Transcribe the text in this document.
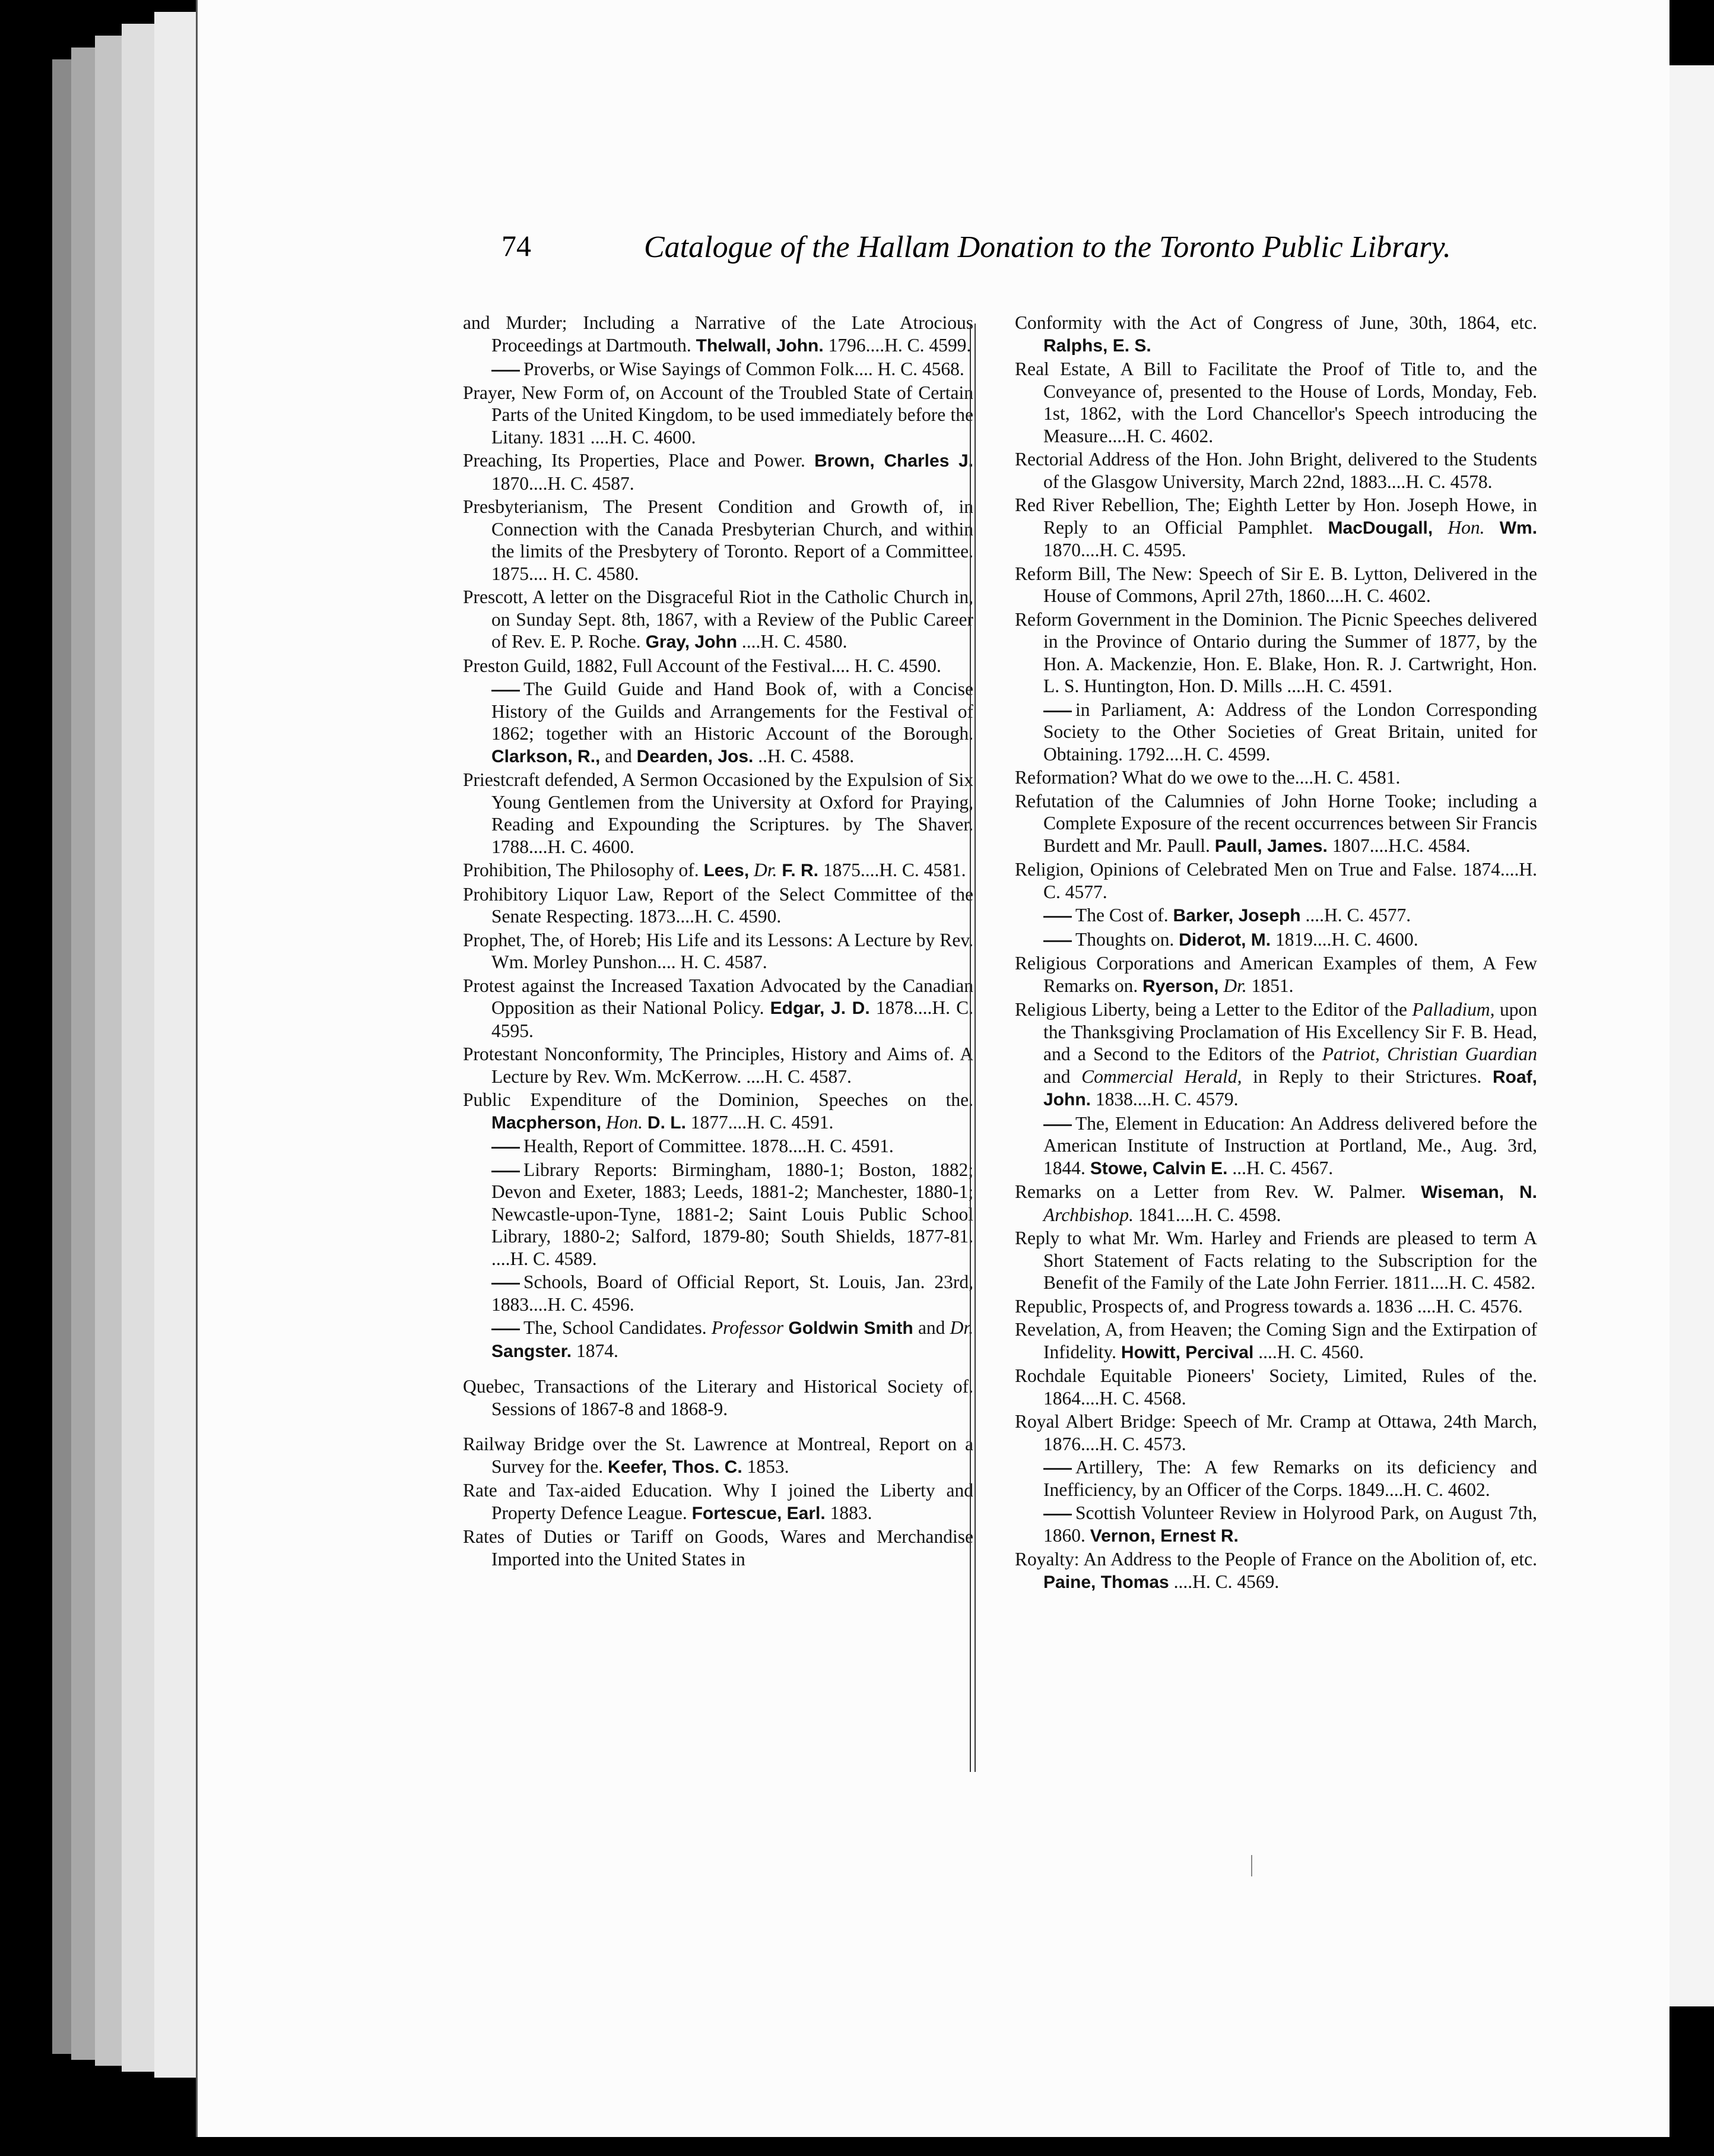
74	Catalogue of the Hallam Donation to the Toronto Public Library.

and Murder; Including a Narrative of the Late Atrocious Proceedings at Dartmouth. Thelwall, John. 1796....H. C. 4599.

Proverbs, or Wise Sayings of Common Folk.... H. C. 4568.

Prayer, New Form of, on Account of the Troubled State of Certain Parts of the United Kingdom, to be used immediately before the Litany. 1831 ....H. C. 4600.

Preaching, Its Properties, Place and Power. Brown, Charles J. 1870....H. C. 4587.

Presbyterianism, The Present Condition and Growth of, in Connection with the Canada Presbyterian Church, and within the limits of the Presbytery of Toronto. Report of a Committee. 1875.... H. C. 4580.

Prescott, A letter on the Disgraceful Riot in the Catholic Church in, on Sunday Sept. 8th, 1867, with a Review of the Public Career of Rev. E. P. Roche. Gray, John ....H. C. 4580.

Preston Guild, 1882, Full Account of the Festival.... H. C. 4590.

The Guild Guide and Hand Book of, with a Concise History of the Guilds and Arrangements for the Festival of 1862; together with an Historic Account of the Borough. Clarkson, R., and Dearden, Jos. ..H. C. 4588.

Priestcraft defended, A Sermon Occasioned by the Expulsion of Six Young Gentlemen from the University at Oxford for Praying, Reading and Expounding the Scriptures. by The Shaver. 1788....H. C. 4600.

Prohibition, The Philosophy of. Lees, Dr. F. R. 1875....H. C. 4581.

Prohibitory Liquor Law, Report of the Select Committee of the Senate Respecting. 1873....H. C. 4590.

Prophet, The, of Horeb; His Life and its Lessons: A Lecture by Rev. Wm. Morley Punshon.... H. C. 4587.

Protest against the Increased Taxation Advocated by the Canadian Opposition as their National Policy. Edgar, J. D. 1878....H. C. 4595.

Protestant Nonconformity, The Principles, History and Aims of. A Lecture by Rev. Wm. McKerrow. ....H. C. 4587.

Public Expenditure of the Dominion, Speeches on the. Macpherson, Hon. D. L. 1877....H. C. 4591.

Health, Report of Committee. 1878....H. C. 4591.

Library Reports: Birmingham, 1880-1; Boston, 1882; Devon and Exeter, 1883; Leeds, 1881-2; Manchester, 1880-1; Newcastle-upon-Tyne, 1881-2; Saint Louis Public School Library, 1880-2; Salford, 1879-80; South Shields, 1877-81. ....H. C. 4589.

Schools, Board of Official Report, St. Louis, Jan. 23rd, 1883....H. C. 4596.

The, School Candidates. Professor Goldwin Smith and Dr. Sangster. 1874.

Quebec, Transactions of the Literary and Historical Society of. Sessions of 1867-8 and 1868-9.

Railway Bridge over the St. Lawrence at Montreal, Report on a Survey for the. Keefer, Thos. C. 1853.

Rate and Tax-aided Education. Why I joined the Liberty and Property Defence League. Fortescue, Earl. 1883.

Rates of Duties or Tariff on Goods, Wares and Merchandise Imported into the United States in

Conformity with the Act of Congress of June, 30th, 1864, etc. Ralphs, E. S.

Real Estate, A Bill to Facilitate the Proof of Title to, and the Conveyance of, presented to the House of Lords, Monday, Feb. 1st, 1862, with the Lord Chancellor's Speech introducing the Measure....H. C. 4602.

Rectorial Address of the Hon. John Bright, delivered to the Students of the Glasgow University, March 22nd, 1883....H. C. 4578.

Red River Rebellion, The; Eighth Letter by Hon. Joseph Howe, in Reply to an Official Pamphlet. MacDougall, Hon. Wm. 1870....H. C. 4595.

Reform Bill, The New: Speech of Sir E. B. Lytton, Delivered in the House of Commons, April 27th, 1860....H. C. 4602.

Reform Government in the Dominion. The Picnic Speeches delivered in the Province of Ontario during the Summer of 1877, by the Hon. A. Mackenzie, Hon. E. Blake, Hon. R. J. Cartwright, Hon. L. S. Huntington, Hon. D. Mills ....H. C. 4591.

in Parliament, A: Address of the London Corresponding Society to the Other Societies of Great Britain, united for Obtaining. 1792....H. C. 4599.

Reformation? What do we owe to the....H. C. 4581.

Refutation of the Calumnies of John Horne Tooke; including a Complete Exposure of the recent occurrences between Sir Francis Burdett and Mr. Paull. Paull, James. 1807....H.C. 4584.

Religion, Opinions of Celebrated Men on True and False. 1874....H. C. 4577.

The Cost of. Barker, Joseph ....H. C. 4577.

Thoughts on. Diderot, M. 1819....H. C. 4600.

Religious Corporations and American Examples of them, A Few Remarks on. Ryerson, Dr. 1851.

Religious Liberty, being a Letter to the Editor of the Palladium, upon the Thanksgiving Proclamation of His Excellency Sir F. B. Head, and a Second to the Editors of the Patriot, Christian Guardian and Commercial Herald, in Reply to their Strictures. Roaf, John. 1838....H. C. 4579.

The, Element in Education: An Address delivered before the American Institute of Instruction at Portland, Me., Aug. 3rd, 1844. Stowe, Calvin E. ...H. C. 4567.

Remarks on a Letter from Rev. W. Palmer. Wiseman, N. Archbishop. 1841....H. C. 4598.

Reply to what Mr. Wm. Harley and Friends are pleased to term A Short Statement of Facts relating to the Subscription for the Benefit of the Family of the Late John Ferrier. 1811....H. C. 4582.

Republic, Prospects of, and Progress towards a. 1836 ....H. C. 4576.

Revelation, A, from Heaven; the Coming Sign and the Extirpation of Infidelity. Howitt, Percival ....H. C. 4560.

Rochdale Equitable Pioneers' Society, Limited, Rules of the. 1864....H. C. 4568.

Royal Albert Bridge: Speech of Mr. Cramp at Ottawa, 24th March, 1876....H. C. 4573.

Artillery, The: A few Remarks on its deficiency and Inefficiency, by an Officer of the Corps. 1849....H. C. 4602.

Scottish Volunteer Review in Holyrood Park, on August 7th, 1860. Vernon, Ernest R.

Royalty: An Address to the People of France on the Abolition of, etc. Paine, Thomas ....H. C. 4569.
